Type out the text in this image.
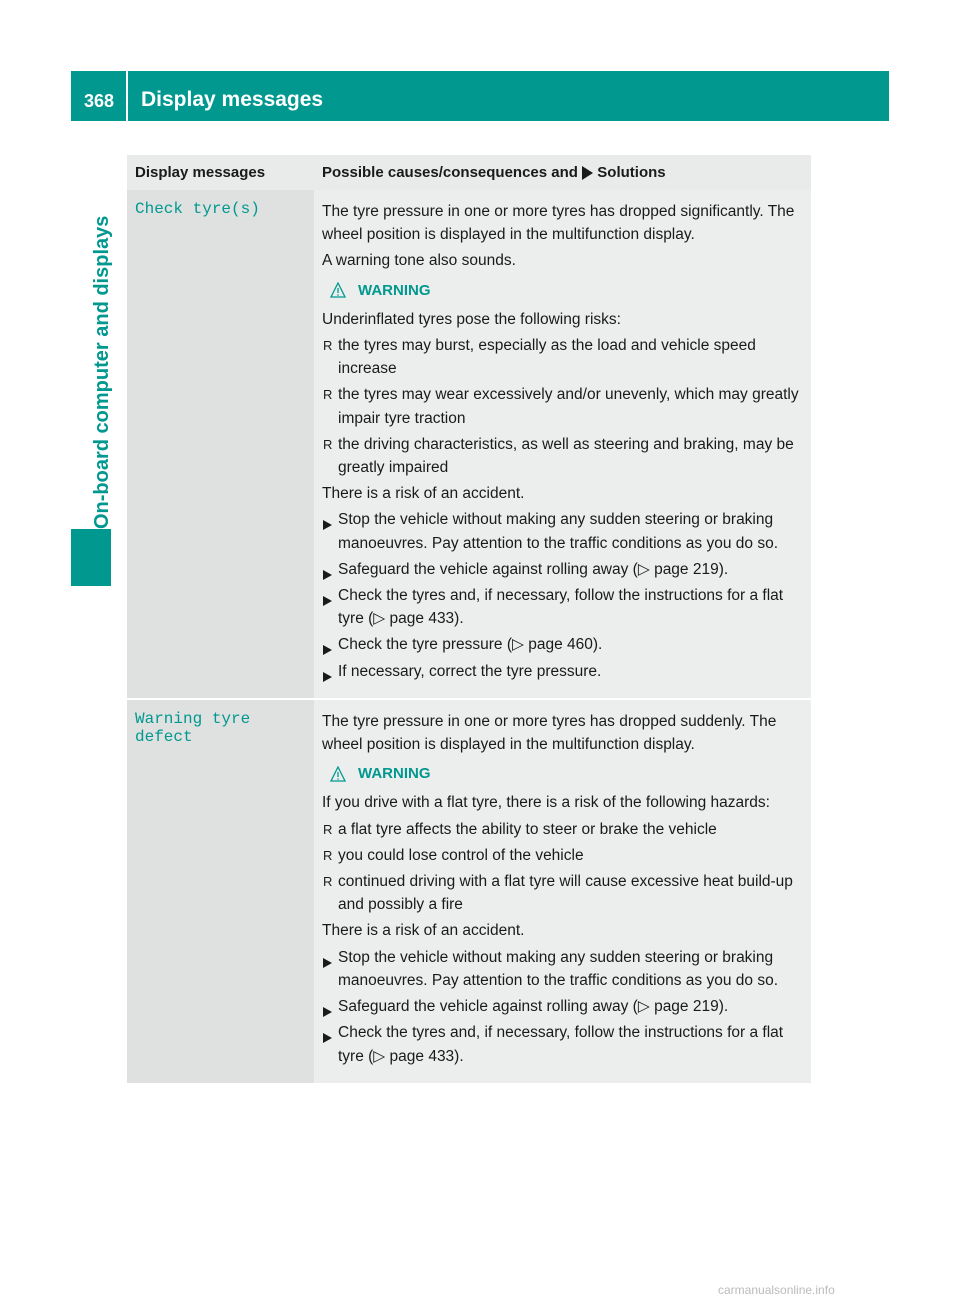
368 Display messages
On-board computer and displays
Display messages	Possible causes/consequences and Solutions
Check tyre(s)	The tyre pressure in one or more tyres has dropped significantly. The wheel position is displayed in the multifunction display.

A warning tone also sounds.

WARNING

Underinflated tyres pose the following risks:

R the tyres may burst, especially as the load and vehicle speed increase
R the tyres may wear excessively and/or unevenly, which may greatly impair tyre traction
R the driving characteristics, as well as steering and braking, may be greatly impaired

There is a risk of an accident.

Stop the vehicle without making any sudden steering or braking manoeuvres. Pay attention to the traffic conditions as you do so.
Safeguard the vehicle against rolling away (▷ page 219).
Check the tyres and, if necessary, follow the instructions for a flat tyre (▷ page 433).
Check the tyre pressure (▷ page 460).
If necessary, correct the tyre pressure.
Warning tyre defect

The tyre pressure in one or more tyres has dropped suddenly. The wheel position is displayed in the multifunction display.

WARNING

If you drive with a flat tyre, there is a risk of the following hazards:

R a flat tyre affects the ability to steer or brake the vehicle
R you could lose control of the vehicle
R continued driving with a flat tyre will cause excessive heat build-up and possibly a fire

There is a risk of an accident.

Stop the vehicle without making any sudden steering or braking manoeuvres. Pay attention to the traffic conditions as you do so.
Safeguard the vehicle against rolling away (▷ page 219).
Check the tyres and, if necessary, follow the instructions for a flat tyre (▷ page 433).
carmanualsonline.info
